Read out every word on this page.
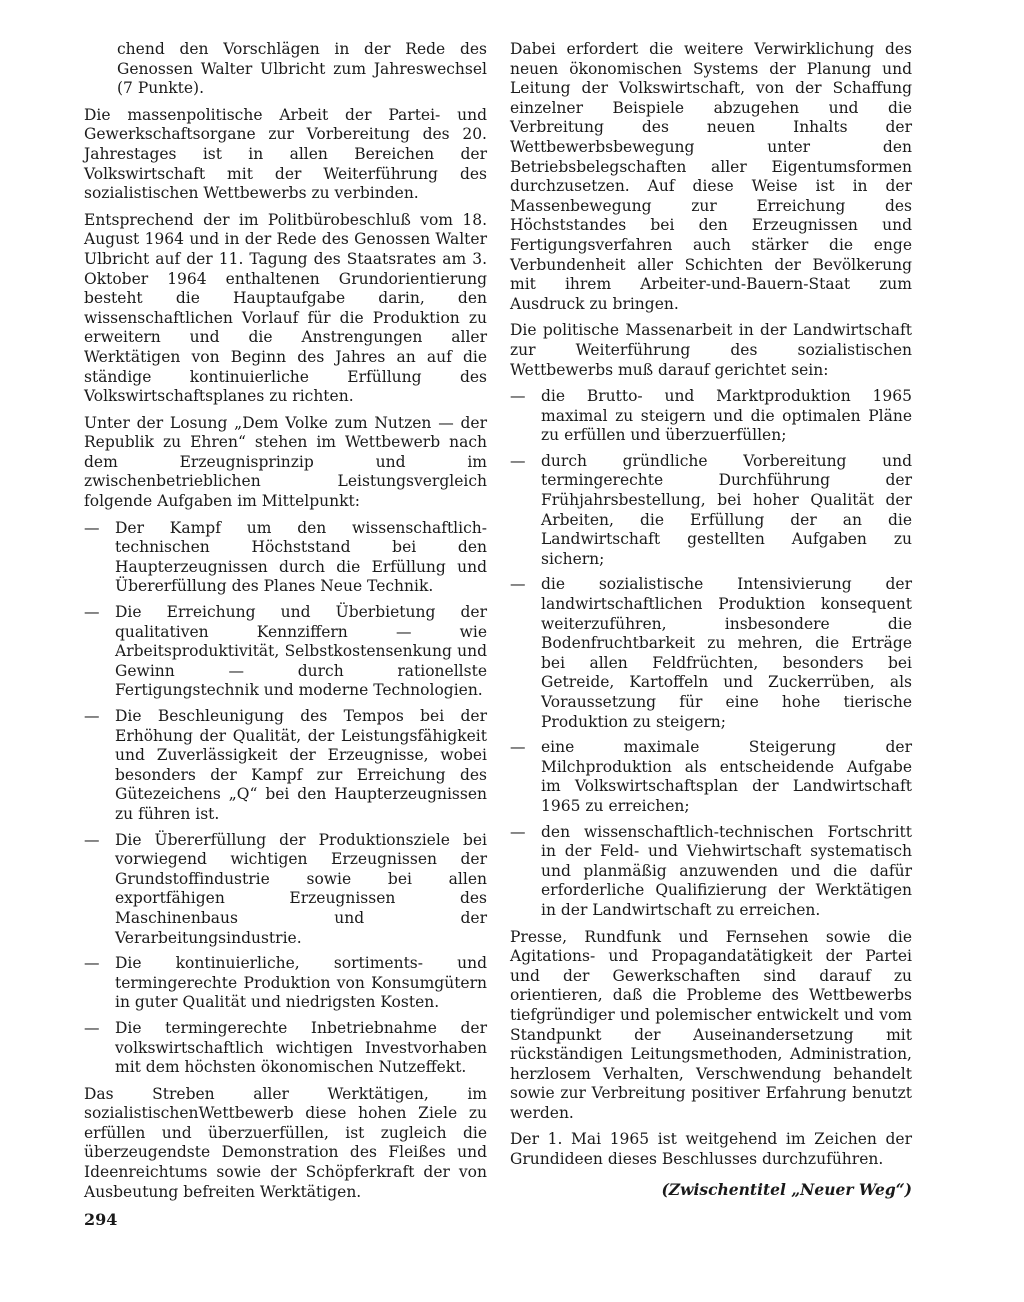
chend den Vorschlägen in der Rede des Genossen Walter Ulbricht zum Jahreswechsel (7 Punkte).

Die massenpolitische Arbeit der Partei- und Gewerkschaftsorgane zur Vorbereitung des 20. Jahrestages ist in allen Bereichen der Volkswirtschaft mit der Weiterführung des sozialistischen Wettbewerbs zu verbinden.

Entsprechend der im Politbürobeschluß vom 18. August 1964 und in der Rede des Genossen Walter Ulbricht auf der 11. Tagung des Staatsrates am 3. Oktober 1964 enthaltenen Grundorientierung besteht die Hauptaufgabe darin, den wissenschaftlichen Vorlauf für die Produktion zu erweitern und die Anstrengungen aller Werktätigen von Beginn des Jahres an auf die ständige kontinuierliche Erfüllung des Volkswirtschaftsplanes zu richten.

Unter der Losung „Dem Volke zum Nutzen — der Republik zu Ehren“ stehen im Wettbewerb nach dem Erzeugnisprinzip und im zwischenbetrieblichen Leistungsvergleich folgende Aufgaben im Mittelpunkt:

— Der Kampf um den wissenschaftlich-technischen Höchststand bei den Haupterzeugnissen durch die Erfüllung und Übererfüllung des Planes Neue Technik.
— Die Erreichung und Überbietung der qualitativen Kennziffern — wie Arbeitsproduktivität, Selbstkostensenkung und Gewinn — durch rationellste Fertigungstechnik und moderne Technologien.
— Die Beschleunigung des Tempos bei der Erhöhung der Qualität, der Leistungsfähigkeit und Zuverlässigkeit der Erzeugnisse, wobei besonders der Kampf zur Erreichung des Gütezeichens „Q“ bei den Haupterzeugnissen zu führen ist.
— Die Übererfüllung der Produktionsziele bei vorwiegend wichtigen Erzeugnissen der Grundstoffindustrie sowie bei allen exportfähigen Erzeugnissen des Maschinenbaus und der Verarbeitungsindustrie.
— Die kontinuierliche, sortiments- und termingerechte Produktion von Konsumgütern in guter Qualität und niedrigsten Kosten.
— Die termingerechte Inbetriebnahme der volkswirtschaftlich wichtigen Investvorhaben mit dem höchsten ökonomischen Nutzeffekt.

Das Streben aller Werktätigen, im sozialistischenWettbewerb diese hohen Ziele zu erfüllen und überzuerfüllen, ist zugleich die überzeugendste Demonstration des Fleißes und Ideenreichtums sowie der Schöpferkraft der von Ausbeutung befreiten Werktätigen.

Dabei erfordert die weitere Verwirklichung des neuen ökonomischen Systems der Planung und Leitung der Volkswirtschaft, von der Schaffung einzelner Beispiele abzugehen und die Verbreitung des neuen Inhalts der Wettbewerbsbewegung unter den Betriebsbelegschaften aller Eigentumsformen durchzusetzen. Auf diese Weise ist in der Massenbewegung zur Erreichung des Höchststandes bei den Erzeugnissen und Fertigungsverfahren auch stärker die enge Verbundenheit aller Schichten der Bevölkerung mit ihrem Arbeiter-und-Bauern-Staat zum Ausdruck zu bringen.

Die politische Massenarbeit in der Landwirtschaft zur Weiterführung des sozialistischen Wettbewerbs muß darauf gerichtet sein:

— die Brutto- und Marktproduktion 1965 maximal zu steigern und die optimalen Pläne zu erfüllen und überzuerfüllen;
— durch gründliche Vorbereitung und termingerechte Durchführung der Frühjahrsbestellung, bei hoher Qualität der Arbeiten, die Erfüllung der an die Landwirtschaft gestellten Aufgaben zu sichern;
— die sozialistische Intensivierung der landwirtschaftlichen Produktion konsequent weiterzuführen, insbesondere die Bodenfruchtbarkeit zu mehren, die Erträge bei allen Feldfrüchten, besonders bei Getreide, Kartoffeln und Zuckerrüben, als Voraussetzung für eine hohe tierische Produktion zu steigern;
— eine maximale Steigerung der Milchproduktion als entscheidende Aufgabe im Volkswirtschaftsplan der Landwirtschaft 1965 zu erreichen;
— den wissenschaftlich-technischen Fortschritt in der Feld- und Viehwirtschaft systematisch und planmäßig anzuwenden und die dafür erforderliche Qualifizierung der Werktätigen in der Landwirtschaft zu erreichen.

Presse, Rundfunk und Fernsehen sowie die Agitations- und Propagandatätigkeit der Partei und der Gewerkschaften sind darauf zu orientieren, daß die Probleme des Wettbewerbs tiefgründiger und polemischer entwickelt und vom Standpunkt der Auseinandersetzung mit rückständigen Leitungsmethoden, Administration, herzlosem Verhalten, Verschwendung behandelt sowie zur Verbreitung positiver Erfahrung benutzt werden.

Der 1. Mai 1965 ist weitgehend im Zeichen der Grundideen dieses Beschlusses durchzuführen.

(Zwischentitel „Neuer Weg“)

294
